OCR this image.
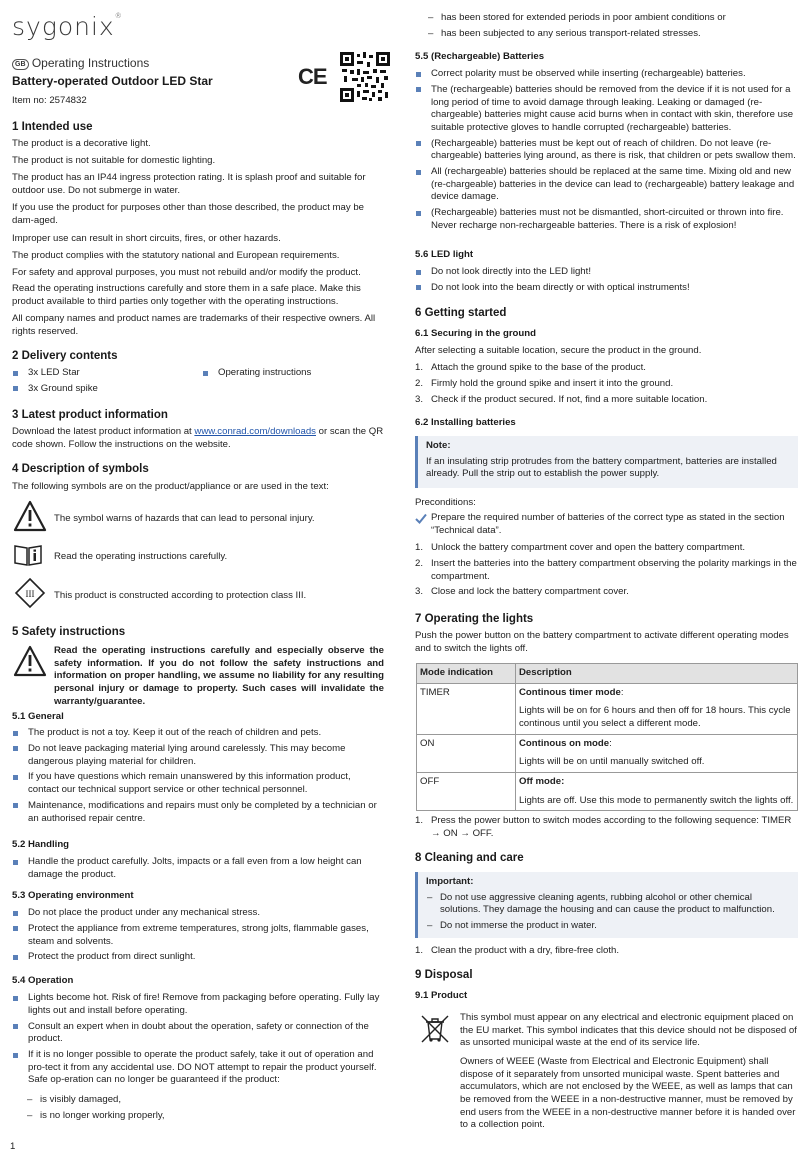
sygonix®
GB Operating Instructions
Battery-operated Outdoor LED Star
Item no: 2574832
CE
1 Intended use

The product is a decorative light.

The product is not suitable for domestic lighting.

The product has an IP44 ingress protection rating. It is splash proof and suitable for outdoor use. Do not submerge in water.

If you use the product for purposes other than those described, the product may be dam-aged.

Improper use can result in short circuits, fires, or other hazards.

The product complies with the statutory national and European requirements.

For safety and approval purposes, you must not rebuild and/or modify the product.

Read the operating instructions carefully and store them in a safe place. Make this product available to third parties only together with the operating instructions.

All company names and product names are trademarks of their respective owners. All rights reserved.

2 Delivery contents
3x LED Star
3x Ground spike
Operating instructions
3 Latest product information

Download the latest product information at www.conrad.com/downloads or scan the QR code shown. Follow the instructions on the website.

4 Description of symbols

The following symbols are on the product/appliance or are used in the text:

The symbol warns of hazards that can lead to personal injury.

Read the operating instructions carefully.

III This product is constructed according to protection class III.

5 Safety instructions

Read the operating instructions carefully and especially observe the safety information. If you do not follow the safety instructions and information on proper handling, we assume no liability for any resulting personal injury or damage to property. Such cases will invalidate the warranty/guarantee.

5.1 General
The product is not a toy. Keep it out of the reach of children and pets.
Do not leave packaging material lying around carelessly. This may become dangerous playing material for children.
If you have questions which remain unanswered by this information product, contact our technical support service or other technical personnel.
Maintenance, modifications and repairs must only be completed by a technician or an authorised repair centre.
5.2 Handling
Handle the product carefully. Jolts, impacts or a fall even from a low height can damage the product.
5.3 Operating environment
Do not place the product under any mechanical stress.
Protect the appliance from extreme temperatures, strong jolts, flammable gases, steam and solvents.
Protect the product from direct sunlight.
5.4 Operation
Lights become hot. Risk of fire! Remove from packaging before operating. Fully lay lights out and install before operating.
Consult an expert when in doubt about the operation, safety or connection of the product.
If it is no longer possible to operate the product safely, take it out of operation and pro-tect it from any accidental use. DO NOT attempt to repair the product yourself. Safe op-eration can no longer be guaranteed if the product:
– is visibly damaged,
– is no longer working properly,
1
– has been stored for extended periods in poor ambient conditions or
– has been subjected to any serious transport-related stresses.
5.5 (Rechargeable) Batteries
Correct polarity must be observed while inserting (rechargeable) batteries.
The (rechargeable) batteries should be removed from the device if it is not used for a long period of time to avoid damage through leaking. Leaking or damaged (re-chargeable) batteries might cause acid burns when in contact with skin, therefore use suitable protective gloves to handle corrupted (rechargeable) batteries.
(Rechargeable) batteries must be kept out of reach of children. Do not leave (re-chargeable) batteries lying around, as there is risk, that children or pets swallow them.
All (rechargeable) batteries should be replaced at the same time. Mixing old and new (re-chargeable) batteries in the device can lead to (rechargeable) battery leakage and device damage.
(Rechargeable) batteries must not be dismantled, short-circuited or thrown into fire. Never recharge non-rechargeable batteries. There is a risk of explosion!
5.6 LED light
Do not look directly into the LED light!
Do not look into the beam directly or with optical instruments!
6 Getting started
6.1 Securing in the ground

After selecting a suitable location, secure the product in the ground.

1. Attach the ground spike to the base of the product.
2. Firmly hold the ground spike and insert it into the ground.
3. Check if the product secured. If not, find a more suitable location.
6.2 Installing batteries
Note:
If an insulating strip protrudes from the battery compartment, batteries are installed already. Pull the strip out to establish the power supply.

Preconditions:

Prepare the required number of batteries of the correct type as stated in the section “Technical data”.
1. Unlock the battery compartment cover and open the battery compartment.
2. Insert the batteries into the battery compartment observing the polarity markings in the compartment.
3. Close and lock the battery compartment cover.
7 Operating the lights

Push the power button on the battery compartment to activate different operating modes and to switch the lights off.

Mode indication	Description
TIMER	Continous timer mode:
Lights will be on for 6 hours and then off for 18 hours. This cycle continous until you select a different mode.

ON	Continous on mode:
Lights will be on until manually switched off.

OFF	Off mode:
Lights are off. Use this mode to permanently switch the lights off.
1. Press the power button to switch modes according to the following sequence: TIMER → ON → OFF.
8 Cleaning and care
Important:
– Do not use aggressive cleaning agents, rubbing alcohol or other chemical solutions. They damage the housing and can cause the product to malfunction.
– Do not immerse the product in water.
1. Clean the product with a dry, fibre-free cloth.
9 Disposal
9.1 Product

This symbol must appear on any electrical and electronic equipment placed on the EU market. This symbol indicates that this device should not be disposed of as unsorted municipal waste at the end of its service life.

Owners of WEEE (Waste from Electrical and Electronic Equipment) shall dispose of it separately from unsorted municipal waste. Spent batteries and accumulators, which are not enclosed by the WEEE, as well as lamps that can be removed from the WEEE in a non-destructive manner, must be removed by end users from the WEEE in a non-destructive manner before it is handed over to a collection point.
